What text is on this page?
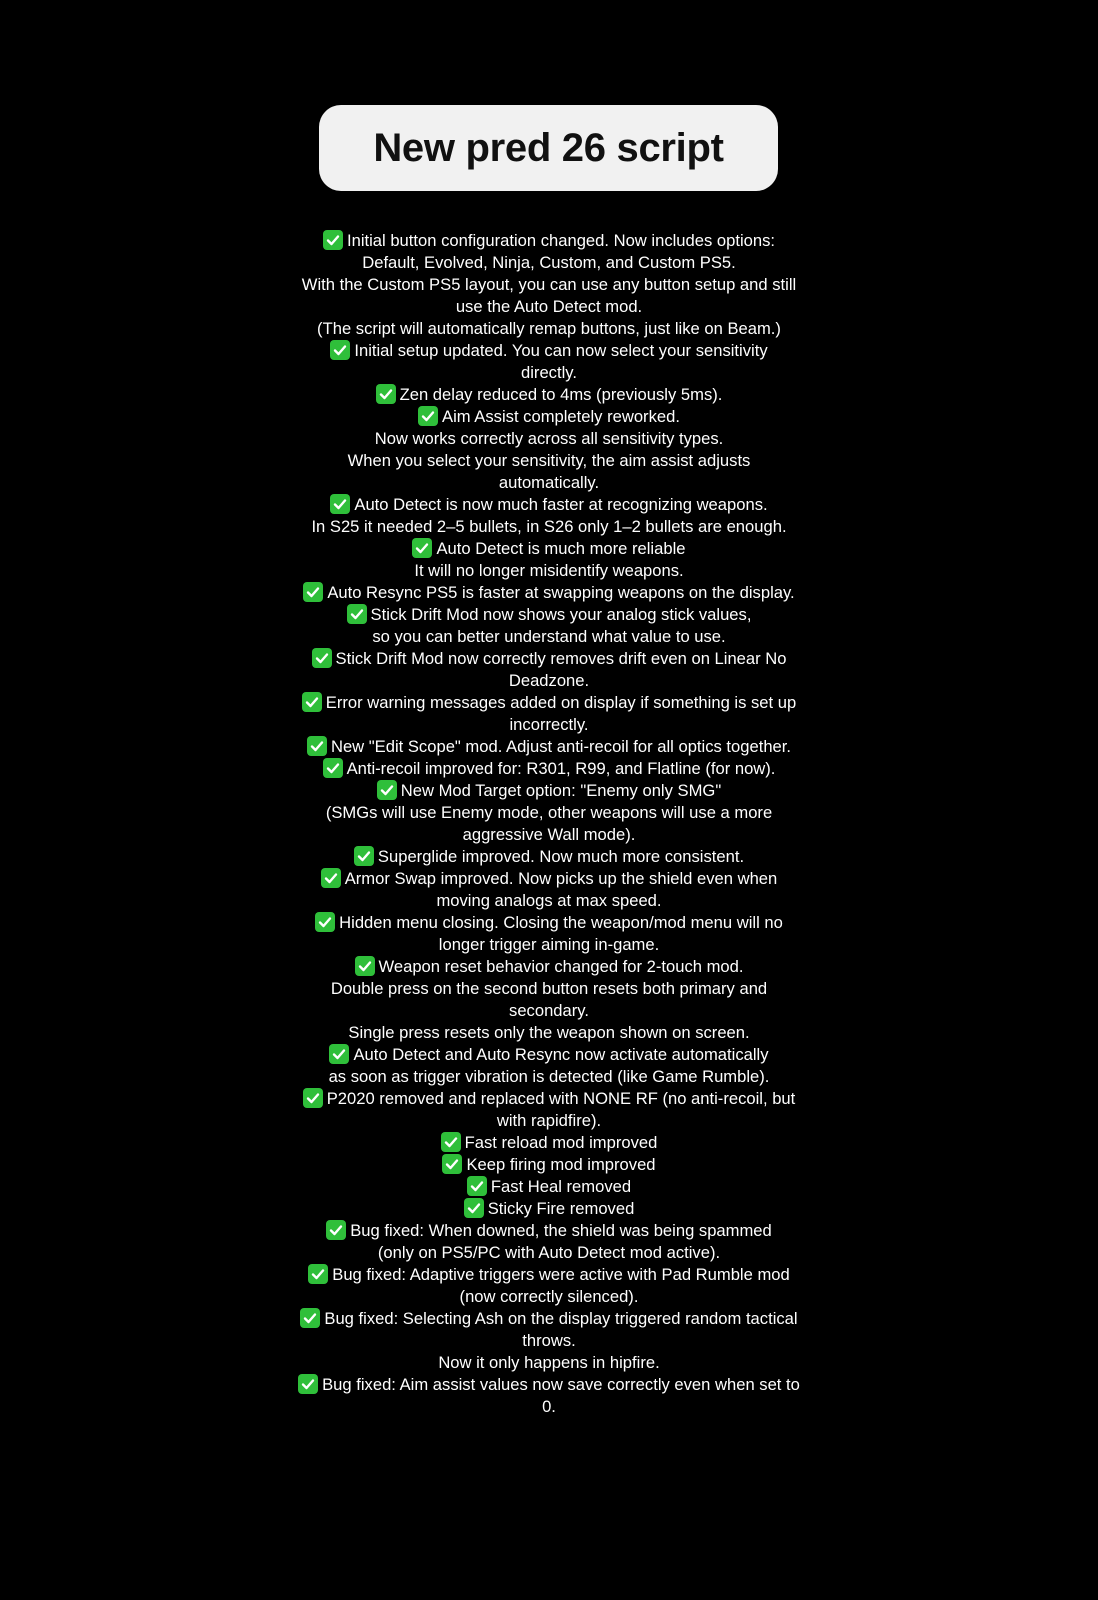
New pred 26 script
Initial button configuration changed. Now includes options:
Default, Evolved, Ninja, Custom, and Custom PS5.
With the Custom PS5 layout, you can use any button setup and still
use the Auto Detect mod.
(The script will automatically remap buttons, just like on Beam.)
Initial setup updated. You can now select your sensitivity
directly.
Zen delay reduced to 4ms (previously 5ms).
Aim Assist completely reworked.
Now works correctly across all sensitivity types.
When you select your sensitivity, the aim assist adjusts
automatically.
Auto Detect is now much faster at recognizing weapons.
In S25 it needed 2–5 bullets, in S26 only 1–2 bullets are enough.
Auto Detect is much more reliable
It will no longer misidentify weapons.
Auto Resync PS5 is faster at swapping weapons on the display.
Stick Drift Mod now shows your analog stick values,
so you can better understand what value to use.
Stick Drift Mod now correctly removes drift even on Linear No
Deadzone.
Error warning messages added on display if something is set up
incorrectly.
New "Edit Scope" mod. Adjust anti-recoil for all optics together.
Anti-recoil improved for: R301, R99, and Flatline (for now).
New Mod Target option: "Enemy only SMG"
(SMGs will use Enemy mode, other weapons will use a more
aggressive Wall mode).
Superglide improved. Now much more consistent.
Armor Swap improved. Now picks up the shield even when
moving analogs at max speed.
Hidden menu closing. Closing the weapon/mod menu will no
longer trigger aiming in-game.
Weapon reset behavior changed for 2-touch mod.
Double press on the second button resets both primary and
secondary.
Single press resets only the weapon shown on screen.
Auto Detect and Auto Resync now activate automatically
as soon as trigger vibration is detected (like Game Rumble).
P2020 removed and replaced with NONE RF (no anti-recoil, but
with rapidfire).
Fast reload mod improved
Keep firing mod improved
Fast Heal removed
Sticky Fire removed
Bug fixed: When downed, the shield was being spammed
(only on PS5/PC with Auto Detect mod active).
Bug fixed: Adaptive triggers were active with Pad Rumble mod
(now correctly silenced).
Bug fixed: Selecting Ash on the display triggered random tactical
throws.
Now it only happens in hipfire.
Bug fixed: Aim assist values now save correctly even when set to
0.
